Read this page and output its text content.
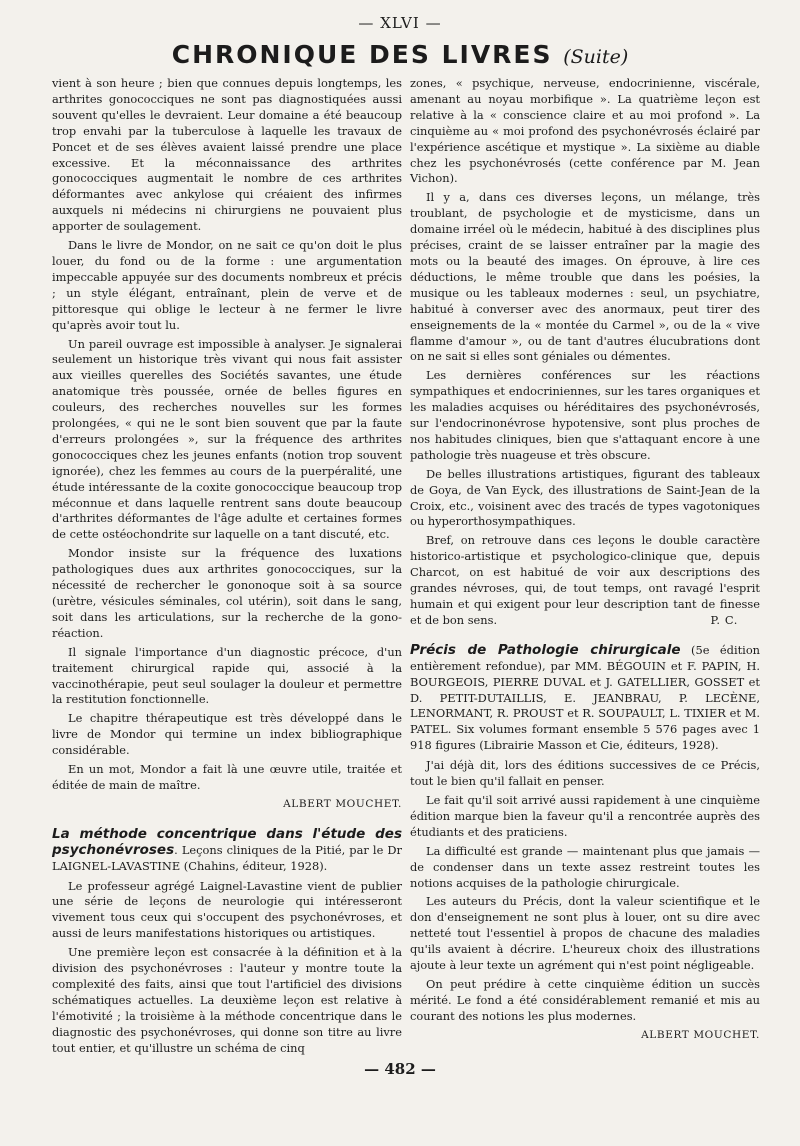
— XLVI —
CHRONIQUE DES LIVRES (Suite)

vient à son heure ; bien que connues depuis longtemps, les arthrites gonococciques ne sont pas diagnostiquées aussi souvent qu'elles le devraient. Leur domaine a été beaucoup trop envahi par la tuberculose à laquelle les travaux de Poncet et de ses élèves avaient laissé prendre une place excessive. Et la méconnaissance des arthrites gonococciques augmentait le nombre de ces arthrites déformantes avec ankylose qui créaient des infirmes auxquels ni médecins ni chirurgiens ne pouvaient plus apporter de soulagement.

Dans le livre de Mondor, on ne sait ce qu'on doit le plus louer, du fond ou de la forme : une argumentation impeccable appuyée sur des documents nombreux et précis ; un style élégant, entraînant, plein de verve et de pittoresque qui oblige le lecteur à ne fermer le livre qu'après avoir tout lu.

Un pareil ouvrage est impossible à analyser. Je signalerai seulement un historique très vivant qui nous fait assister aux vieilles querelles des Sociétés savantes, une étude anatomique très poussée, ornée de belles figures en couleurs, des recherches nouvelles sur les formes prolongées, « qui ne le sont bien souvent que par la faute d'erreurs prolongées », sur la fréquence des arthrites gonococciques chez les jeunes enfants (notion trop souvent ignorée), chez les femmes au cours de la puerpéralité, une étude intéressante de la coxite gonococcique beaucoup trop méconnue et dans laquelle rentrent sans doute beaucoup d'arthrites déformantes de l'âge adulte et certaines formes de cette ostéochondrite sur laquelle on a tant discuté, etc.

Mondor insiste sur la fréquence des luxations pathologiques dues aux arthrites gonococciques, sur la nécessité de rechercher le gononoque soit à sa source (urètre, vésicules séminales, col utérin), soit dans le sang, soit dans les articulations, sur la recherche de la gono-réaction.

Il signale l'importance d'un diagnostic précoce, d'un traitement chirurgical rapide qui, associé à la vaccinothérapie, peut seul soulager la douleur et permettre la restitution fonctionnelle.

Le chapitre thérapeutique est très développé dans le livre de Mondor qui termine un index bibliographique considérable.

En un mot, Mondor a fait là une œuvre utile, traitée et éditée de main de maître.

ALBERT MOUCHET.

La méthode concentrique dans l'étude des psychonévroses. Leçons cliniques de la Pitié, par le Dr LAIGNEL-LAVASTINE (Chahins, éditeur, 1928).

Le professeur agrégé Laignel-Lavastine vient de publier une série de leçons de neurologie qui intéresseront vivement tous ceux qui s'occupent des psychonévroses, et aussi de leurs manifestations historiques ou artistiques.

Une première leçon est consacrée à la définition et à la division des psychonévroses : l'auteur y montre toute la complexité des faits, ainsi que tout l'artificiel des divisions schématiques actuelles. La deuxième leçon est relative à l'émotivité ; la troisième à la méthode concentrique dans le diagnostic des psychonévroses, qui donne son titre au livre tout entier, et qu'illustre un schéma de cinq

zones, « psychique, nerveuse, endocrinienne, viscérale, amenant au noyau morbifique ». La quatrième leçon est relative à la « conscience claire et au moi profond ». La cinquième au « moi profond des psychonévrosés éclairé par l'expérience ascétique et mystique ». La sixième au diable chez les psychonévrosés (cette conférence par M. Jean Vichon).

Il y a, dans ces diverses leçons, un mélange, très troublant, de psychologie et de mysticisme, dans un domaine irréel où le médecin, habitué à des disciplines plus précises, craint de se laisser entraîner par la magie des mots ou la beauté des images. On éprouve, à lire ces déductions, le même trouble que dans les poésies, la musique ou les tableaux modernes : seul, un psychiatre, habitué à converser avec des anormaux, peut tirer des enseignements de la « montée du Carmel », ou de la « vive flamme d'amour », ou de tant d'autres élucubrations dont on ne sait si elles sont géniales ou démentes.

Les dernières conférences sur les réactions sympathiques et endocriniennes, sur les tares organiques et les maladies acquises ou héréditaires des psychonévrosés, sur l'endocrinonévrose hypotensive, sont plus proches de nos habitudes cliniques, bien que s'attaquant encore à une pathologie très nuageuse et très obscure.

De belles illustrations artistiques, figurant des tableaux de Goya, de Van Eyck, des illustrations de Saint-Jean de la Croix, etc., voisinent avec des tracés de types vagotoniques ou hyperorthosympathiques.

Bref, on retrouve dans ces leçons le double caractère historico-artistique et psychologico-clinique que, depuis Charcot, on est habitué de voir aux descriptions des grandes névroses, qui, de tout temps, ont ravagé l'esprit humain et qui exigent pour leur description tant de finesse et de bon sens.	P. C.

Précis de Pathologie chirurgicale (5e édition entièrement refondue), par MM. BÉGOUIN et F. PAPIN, H. BOURGEOIS, PIERRE DUVAL et J. GATELLIER, GOSSET et D. PETIT-DUTAILLIS, E. JEANBRAU, P. LECÈNE, LENORMANT, R. PROUST et R. SOUPAULT, L. TIXIER et M. PATEL. Six volumes formant ensemble 5 576 pages avec 1 918 figures (Librairie Masson et Cie, éditeurs, 1928).

J'ai déjà dit, lors des éditions successives de ce Précis, tout le bien qu'il fallait en penser.

Le fait qu'il soit arrivé aussi rapidement à une cinquième édition marque bien la faveur qu'il a rencontrée auprès des étudiants et des praticiens.

La difficulté est grande — maintenant plus que jamais — de condenser dans un texte assez restreint toutes les notions acquises de la pathologie chirurgicale.

Les auteurs du Précis, dont la valeur scientifique et le don d'enseignement ne sont plus à louer, ont su dire avec netteté tout l'essentiel à propos de chacune des maladies qu'ils avaient à décrire. L'heureux choix des illustrations ajoute à leur texte un agrément qui n'est point négligeable.

On peut prédire à cette cinquième édition un succès mérité. Le fond a été considérablement remanié et mis au courant des notions les plus modernes.

ALBERT MOUCHET.

— 482 —
